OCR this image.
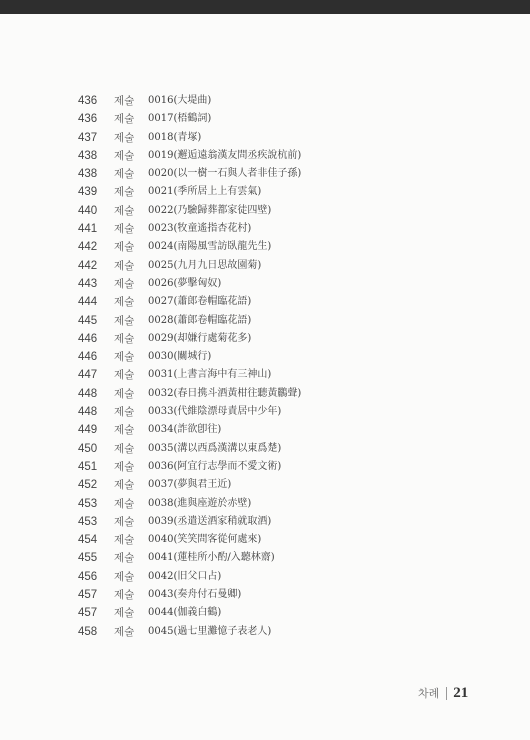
436	제술	0016(大堤曲)
436	제술	0017(梧鶴詞)
437	제술	0018(青塚)
438	제술	0019(邂逅遠翁漢友問丞疾說杭前)
438	제술	0020(以一樹一石與人者非佳子孫)
439	제술	0021(季所居上上有雲氣)
440	제술	0022(乃驗歸葬都家徒四壁)
441	제술	0023(牧童遙指杏花村)
442	제술	0024(南陽風雪訪臥龍先生)
442	제술	0025(九月九日思故園菊)
443	제술	0026(夢擊匈奴)
444	제술	0027(蕭郎卷帽臨花語)
445	제술	0028(蕭郎卷帽臨花語)
446	제술	0029(却嫌行處菊花多)
446	제술	0030(關城行)
447	제술	0031(上書言海中有三神山)
448	제술	0032(春日携斗酒黃柑往聽黃鸝聲)
448	제술	0033(代維陰漂母責居中少年)
449	제술	0034(詐欲卽往)
450	제술	0035(溝以西爲漢溝以東爲楚)
451	제술	0036(阿宜行志學而不愛文術)
452	제술	0037(夢與君王近)
453	제술	0038(進與座遊於赤壁)
453	제술	0039(丞遣送酒家稍就取酒)
454	제술	0040(笑笑問客從何處來)
455	제술	0041(蓮桂所小酌/入聽林齋)
456	제술	0042(旧父口占)
457	제술	0043(奏舟付石曼卿)
457	제술	0044(伽義白鶴)
458	제술	0045(過七里灘憶子表老人)
차례 21
